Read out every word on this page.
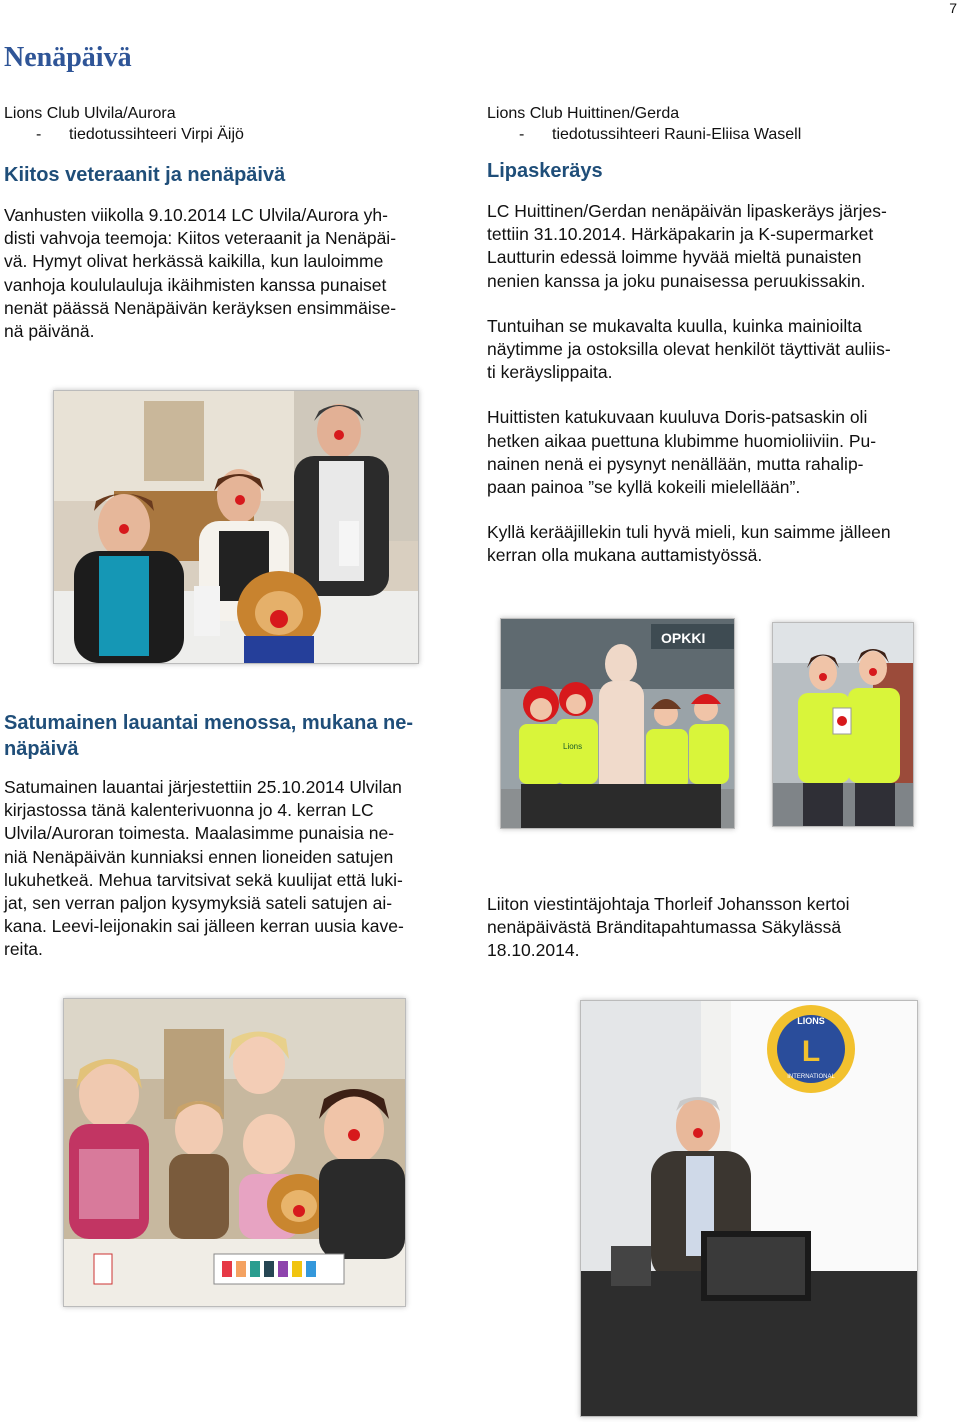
7
Nenäpäivä
Lions Club Ulvila/Aurora
- tiedotussihteeri Virpi Äijö
Kiitos veteraanit ja nenäpäivä

Vanhusten viikolla 9.10.2014 LC Ulvila/Aurora yh-
disti vahvoja teemoja: Kiitos veteraanit ja Nenäpäi-
vä. Hymyt olivat herkässä kaikilla, kun lauloimme
vanhoja koululauluja ikäihmisten kanssa punaiset
nenät päässä Nenäpäivän keräyksen ensimmäise-
nä päivänä.

Satumainen lauantai menossa, mukana ne-
näpäivä

Satumainen lauantai järjestettiin 25.10.2014 Ulvilan
kirjastossa tänä kalenterivuonna jo 4. kerran LC
Ulvila/Auroran toimesta. Maalasimme punaisia ne-
niä Nenäpäivän kunniaksi ennen lioneiden satujen
lukuhetkeä. Mehua tarvitsivat sekä kuulijat että luki-
jat, sen verran paljon kysymyksiä sateli satujen ai-
kana. Leevi-leijonakin sai jälleen kerran uusia kave-
reita.

Lions Club Huittinen/Gerda
- tiedotussihteeri Rauni-Eliisa Wasell
Lipaskeräys

LC Huittinen/Gerdan nenäpäivän lipaskeräys järjes-
tettiin 31.10.2014. Härkäpakarin ja K-supermarket
Lautturin edessä loimme hyvää mieltä punaisten
nenien kanssa ja joku punaisessa peruukissakin.

Tuntuihan se mukavalta kuulla, kuinka mainioilta
näytimme ja ostoksilla olevat henkilöt täyttivät auliis-
ti keräyslippaita.

Huittisten katukuvaan kuuluva Doris-patsaskin oli
hetken aikaa puettuna klubimme huomioliiviin. Pu-
nainen nenä ei pysynyt nenällään, mutta rahalip-
paan painoa ”se kyllä kokeili mielellään”.

Kyllä kerääjillekin tuli hyvä mieli, kun saimme jälleen
kerran olla mukana auttamistyössä.

OPKKI
Lions

Liiton viestintäjohtaja Thorleif Johansson kertoi
nenäpäivästä Bränditapahtumassa Säkylässä
18.10.2014.

LIONS
L
INTERNATIONAL
